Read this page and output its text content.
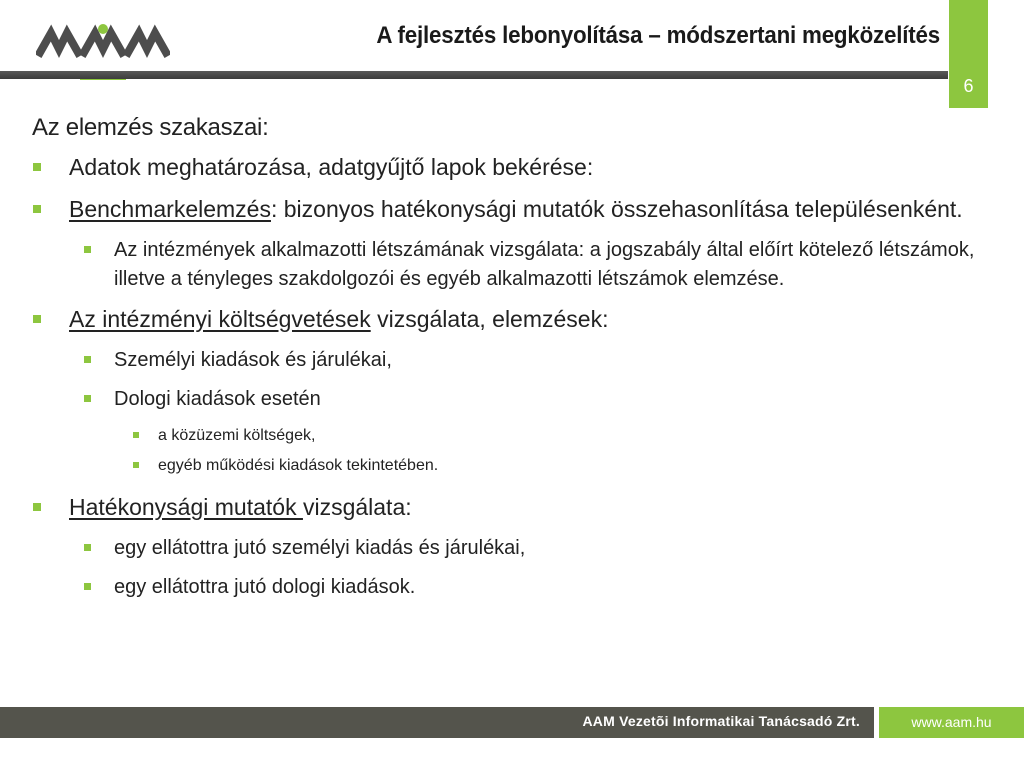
A fejlesztés lebonyolítása – módszertani megközelítés
6
Az elemzés szakaszai:
Adatok meghatározása, adatgyűjtő lapok bekérése:
Benchmarkelemzés: bizonyos hatékonysági mutatók összehasonlítása településenként.
Az intézmények alkalmazotti létszámának vizsgálata: a jogszabály által előírt kötelező létszámok, illetve a tényleges szakdolgozói és egyéb alkalmazotti létszámok elemzése.
Az intézményi költségvetések vizsgálata, elemzések:
Személyi kiadások és járulékai,
Dologi kiadások esetén
a közüzemi költségek,
egyéb működési kiadások tekintetében.
Hatékonysági mutatók vizsgálata:
egy ellátottra jutó személyi kiadás és járulékai,
egy ellátottra jutó dologi kiadások.
AAM Vezetõi Informatikai Tanácsadó Zrt.	www.aam.hu
